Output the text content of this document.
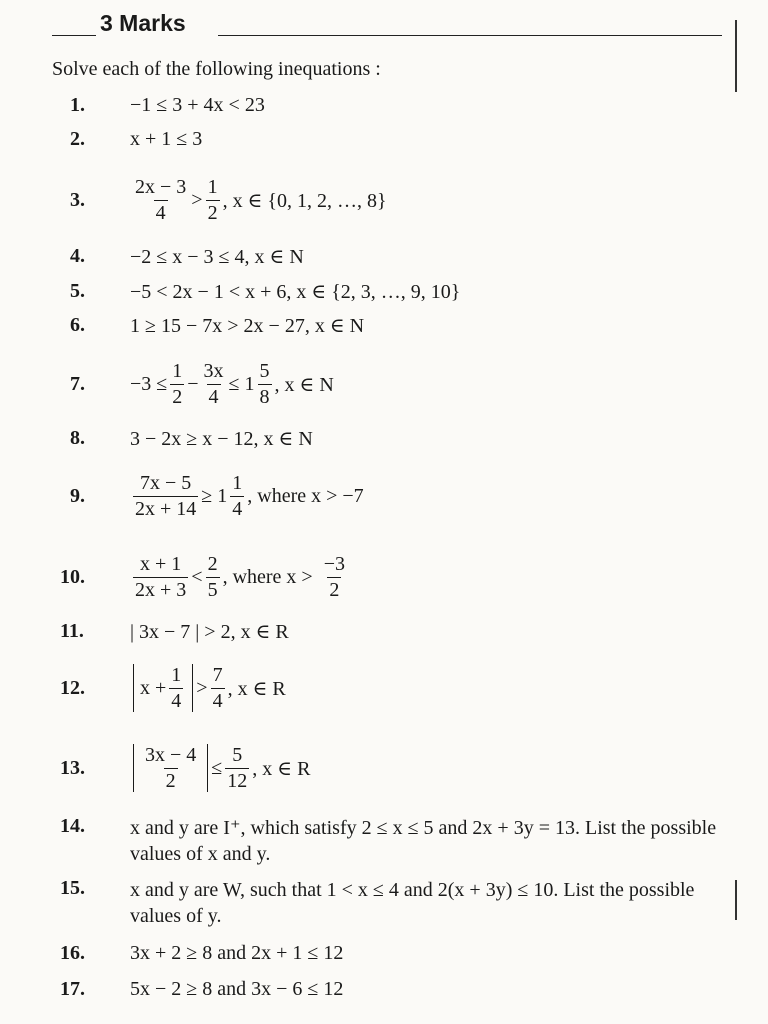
3 Marks
Solve each of the following inequations :
1.	−1 ≤ 3 + 4x < 23
2.	x + 1 ≤ 3
3.	$\frac{2x - 3}{4} > \frac{1}{2}$ , x ∈ {0, 1, 2, …, 8}
4.	−2 ≤ x − 3 ≤ 4, x ∈ N
5.	−5 < 2x − 1 < x + 6, x ∈ {2, 3, …, 9, 10}
6.	1 ≥ 15 − 7x > 2x − 27, x ∈ N
7.	$-3 \le \frac{1}{2} - \frac{3x}{4} \le 1 \frac{5}{8}$ , x ∈ N
8.	3 − 2x ≥ x − 12, x ∈ N
9.	$\frac{7x - 5}{2x + 14} \ge 1 \frac{1}{4}$ , where x > −7
10.	$\frac{x + 1}{2x + 3} < \frac{2}{5}$ , where $x > \frac{-3}{2}$
11.	| 3x − 7 | > 2, x ∈ R
12.	$x + \frac{1}{4} > \frac{7}{4}$ , x ∈ R
13.	$\frac{3x - 4}{2} \le \frac{5}{12}$ , x ∈ R
14.	x and y are I⁺, which satisfy 2 ≤ x ≤ 5 and 2x + 3y = 13. List the possible values of x and y.
15.	x and y are W, such that 1 < x ≤ 4 and 2(x + 3y) ≤ 10. List the possible values of y.
16.	3x + 2 ≥ 8 and 2x + 1 ≤ 12
17.	5x − 2 ≥ 8 and 3x − 6 ≤ 12
